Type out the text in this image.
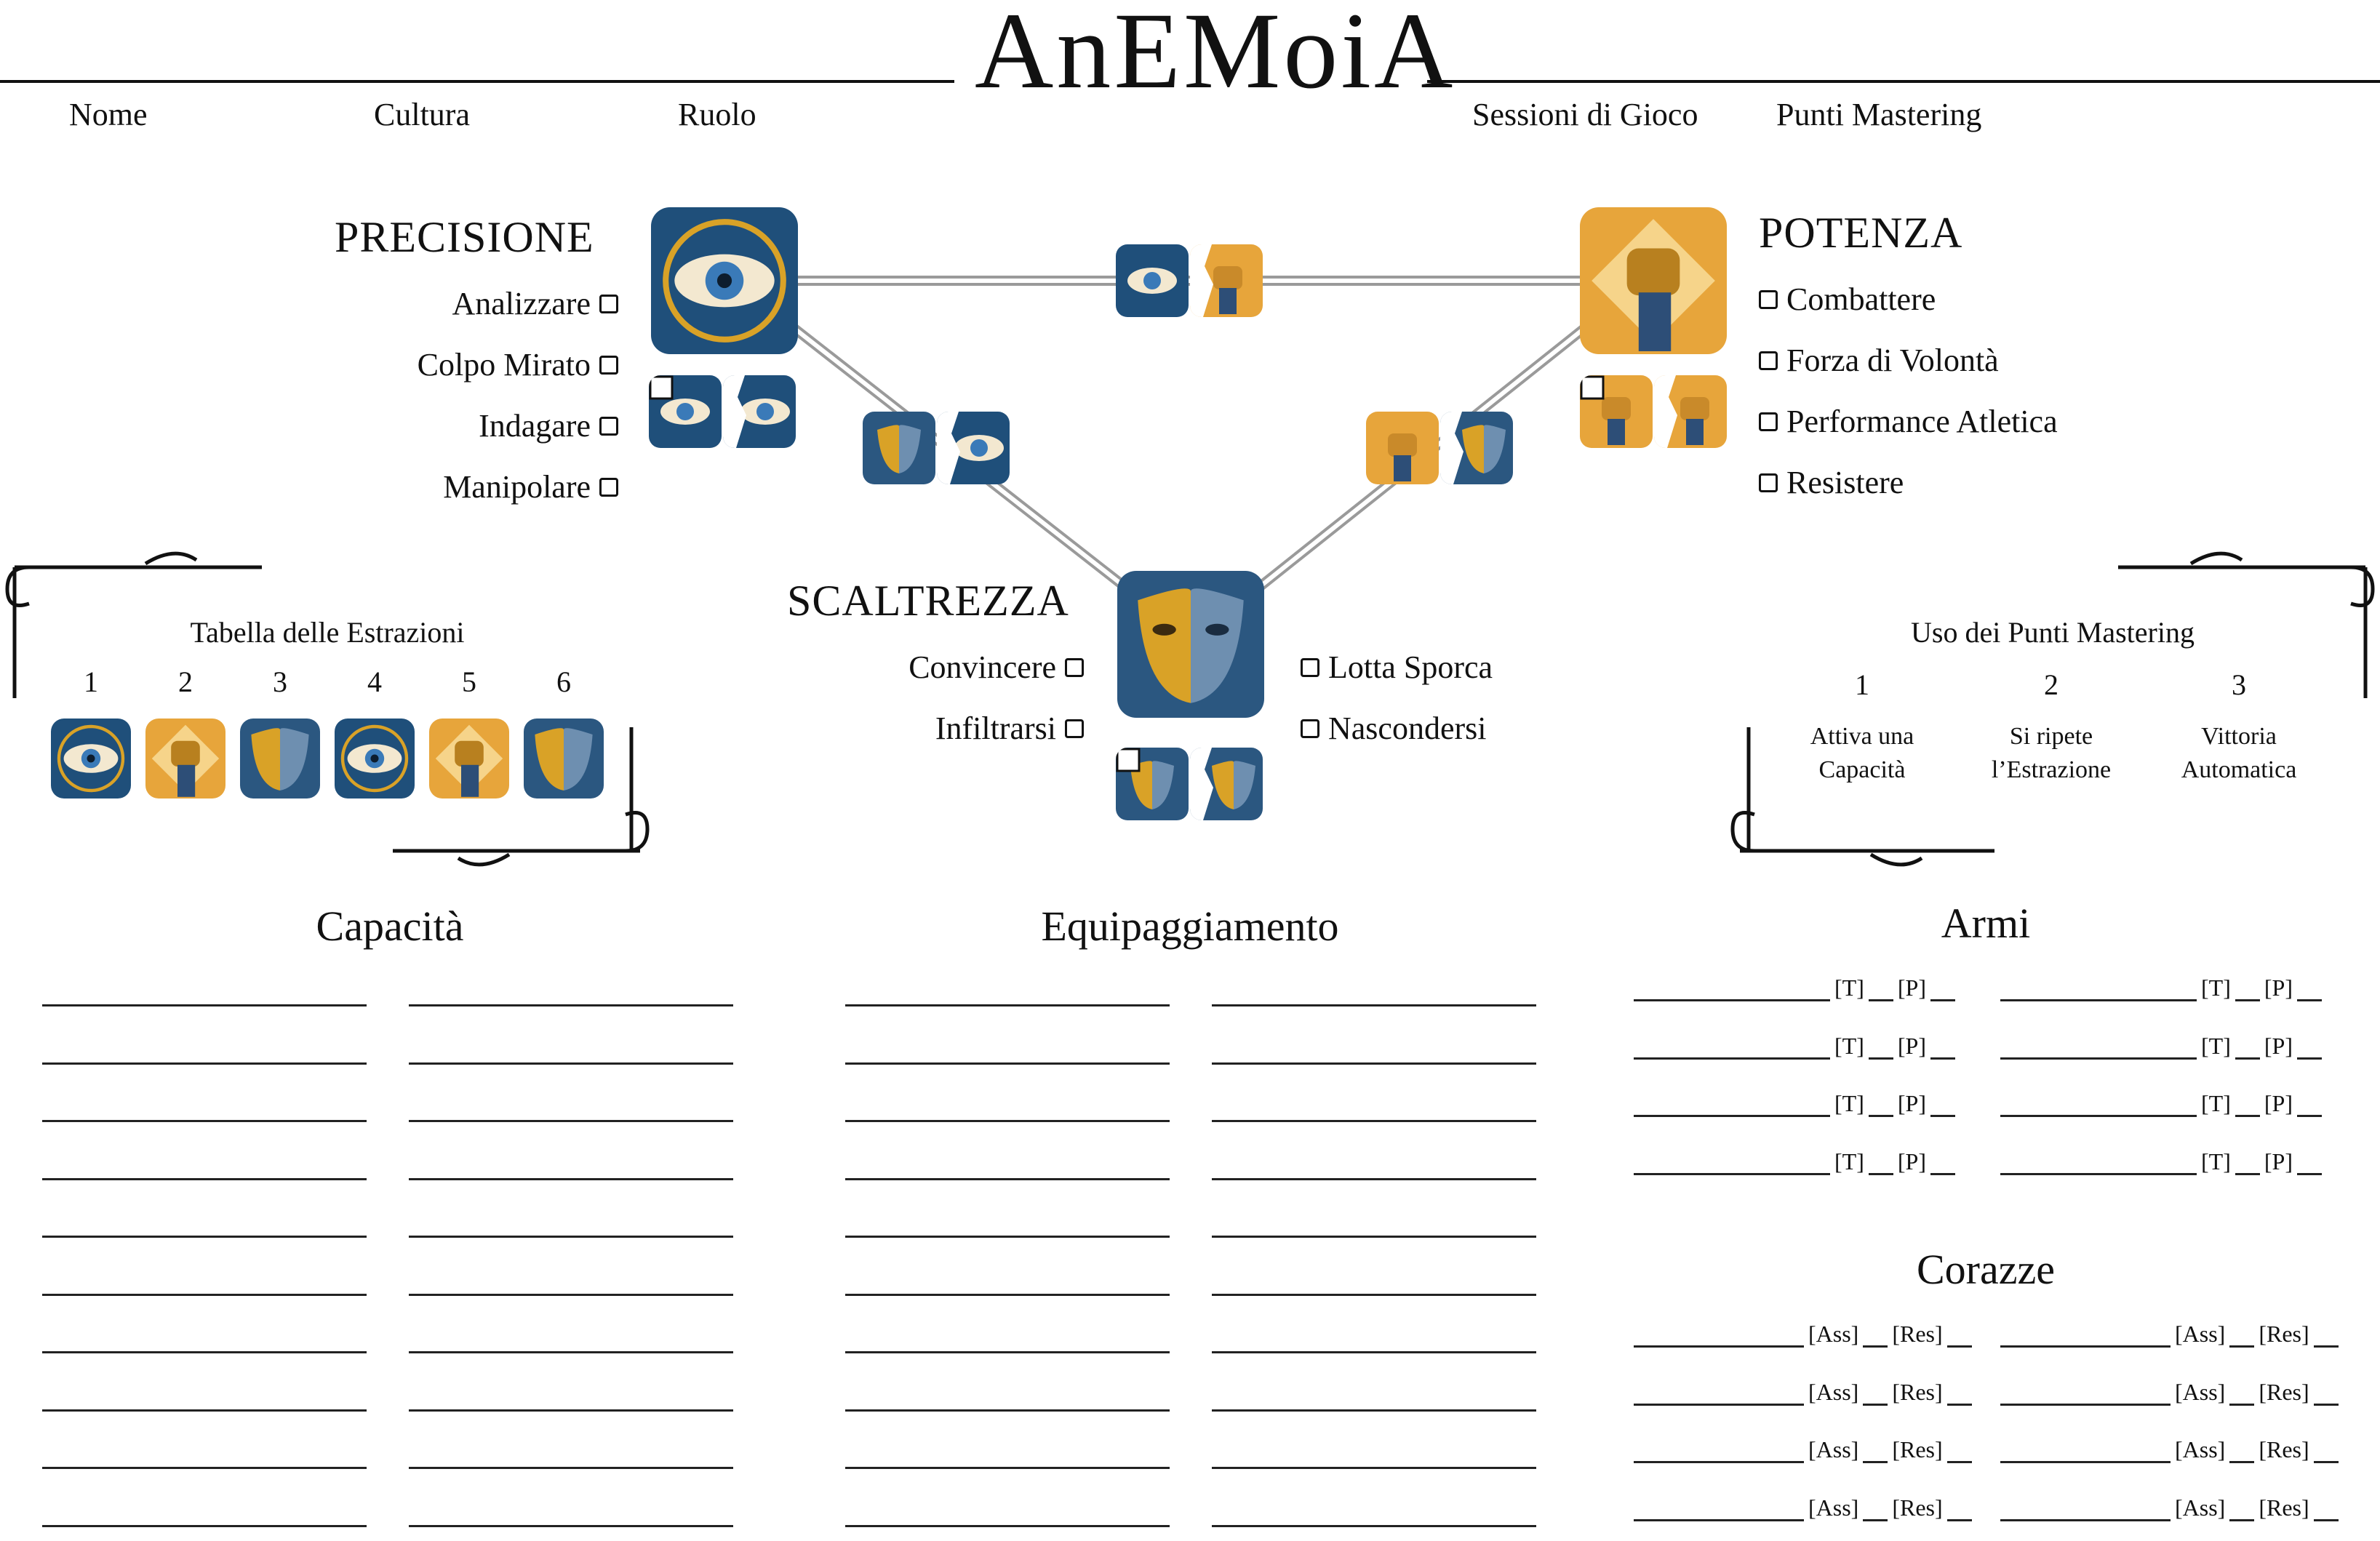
AnEMoiA
Nome	Cultura	Ruolo	Sessioni di Gioco Punti Mastering
PRECISIONE
Analizzare
Colpo Mirato
Indagare
Manipolare
POTENZA
Combattere
Forza di Volontà
Performance Atletica
Resistere
SCALTREZZA
Convincere
Infiltrarsi
Lotta Sporca
Nascondersi
Tabella delle Estrazioni
1	2	3	4	5	6
Uso dei Punti Mastering
1
Attiva una
Capacità
2
Si ripete
l’Estrazione
3
Vittoria
Automatica
Capacità	Equipaggiamento	Armi
Corazze
[T] [P]	[T] [P]
[T] [P]	[T] [P]
[T] [P]	[T] [P]
[T] [P]	[T] [P]
[Ass] [Res]	[Ass] [Res]
[Ass] [Res]	[Ass] [Res]
[Ass] [Res]	[Ass] [Res]
[Ass] [Res]	[Ass] [Res]
